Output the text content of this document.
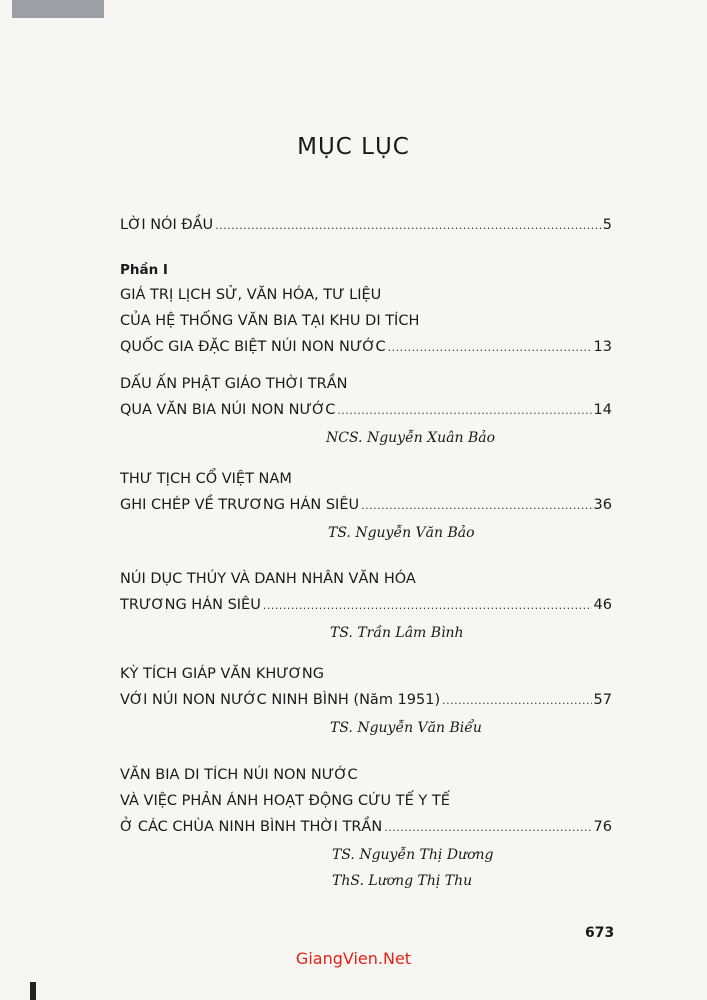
MỤC LỤC
LỜI NÓI ĐẦU .....	5
Phần I
GIÁ TRỊ LỊCH SỬ, VĂN HÓA, TƯ LIỆU
CỦA HỆ THỐNG VĂN BIA TẠI KHU DI TÍCH
QUỐC GIA ĐẶC BIỆT NÚI NON NƯỚC .....	13
DẤU ẤN PHẬT GIÁO THỜI TRẦN
QUA VĂN BIA NÚI NON NƯỚC .....	14
NCS. Nguyễn Xuân Bảo
THƯ TỊCH CỔ VIỆT NAM
GHI CHÉP VỀ TRƯƠNG HÁN SIÊU .....	36
TS. Nguyễn Văn Bảo
NÚI DỤC THÚY VÀ DANH NHÂN VĂN HÓA
TRƯƠNG HÁN SIÊU .....	46
TS. Trần Lâm Bình
KỲ TÍCH GIÁP VĂN KHƯƠNG
VỚI NÚI NON NƯỚC NINH BÌNH (Năm 1951) .....	57
TS. Nguyễn Văn Biểu
VĂN BIA DI TÍCH NÚI NON NƯỚC
VÀ VIỆC PHẢN ÁNH HOẠT ĐỘNG CỨU TẾ Y TẾ
Ở CÁC CHÙA NINH BÌNH THỜI TRẦN .....	76
TS. Nguyễn Thị Dương
ThS. Lương Thị Thu
673
GiangVien.Net
